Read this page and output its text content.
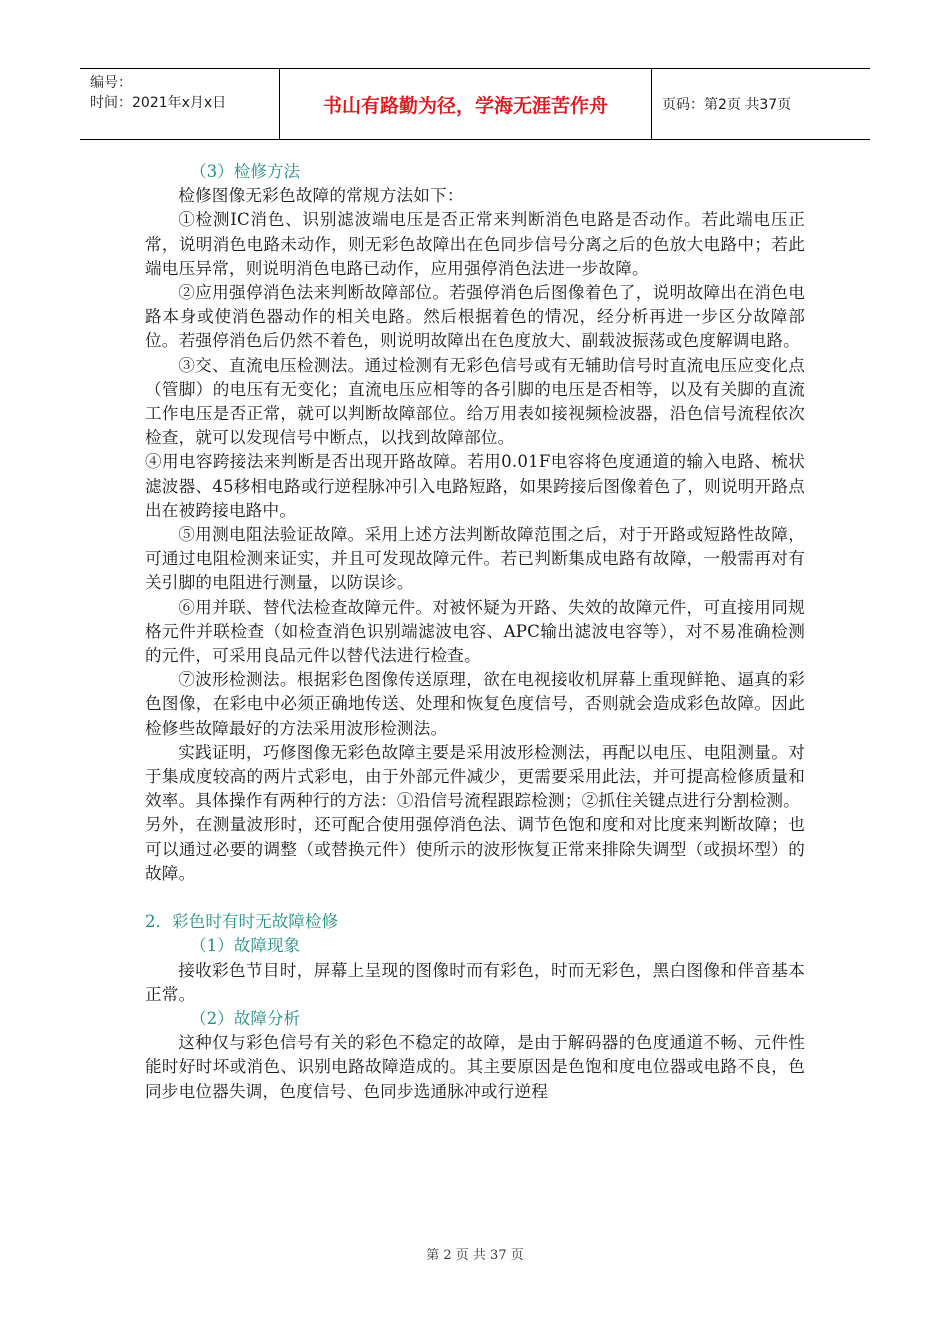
编号：
时间：2021年x月x日	书山有路勤为径，学海无涯苦作舟	页码：第2页 共37页

（3）检修方法

检修图像无彩色故障的常规方法如下：

①检测IC消色、识别滤波端电压是否正常来判断消色电路是否动作。若此端电压正常，说明消色电路未动作，则无彩色故障出在色同步信号分离之后的色放大电路中；若此端电压异常，则说明消色电路已动作，应用强停消色法进一步故障。

②应用强停消色法来判断故障部位。若强停消色后图像着色了，说明故障出在消色电路本身或使消色器动作的相关电路。然后根据着色的情况，经分析再进一步区分故障部位。若强停消色后仍然不着色，则说明故障出在色度放大、副载波振荡或色度解调电路。

③交、直流电压检测法。通过检测有无彩色信号或有无辅助信号时直流电压应变化点（管脚）的电压有无变化；直流电压应相等的各引脚的电压是否相等，以及有关脚的直流工作电压是否正常，就可以判断故障部位。给万用表如接视频检波器，沿色信号流程依次检查，就可以发现信号中断点，以找到故障部位。

④用电容跨接法来判断是否出现开路故障。若用0.01F电容将色度通道的输入电路、梳状滤波器、45移相电路或行逆程脉冲引入电路短路，如果跨接后图像着色了，则说明开路点出在被跨接电路中。

⑤用测电阻法验证故障。采用上述方法判断故障范围之后，对于开路或短路性故障，可通过电阻检测来证实，并且可发现故障元件。若已判断集成电路有故障，一般需再对有关引脚的电阻进行测量，以防误诊。

⑥用并联、替代法检查故障元件。对被怀疑为开路、失效的故障元件，可直接用同规格元件并联检查（如检查消色识别端滤波电容、APC输出滤波电容等），对不易准确检测的元件，可采用良品元件以替代法进行检查。

⑦波形检测法。根据彩色图像传送原理，欲在电视接收机屏幕上重现鲜艳、逼真的彩色图像，在彩电中必须正确地传送、处理和恢复色度信号，否则就会造成彩色故障。因此检修些故障最好的方法采用波形检测法。

实践证明，巧修图像无彩色故障主要是采用波形检测法，再配以电压、电阻测量。对于集成度较高的两片式彩电，由于外部元件减少，更需要采用此法，并可提高检修质量和效率。具体操作有两种行的方法：①沿信号流程跟踪检测；②抓住关键点进行分割检测。

另外，在测量波形时，还可配合使用强停消色法、调节色饱和度和对比度来判断故障；也可以通过必要的调整（或替换元件）使所示的波形恢复正常来排除失调型（或损坏型）的故障。

2．彩色时有时无故障检修

（1）故障现象

接收彩色节目时，屏幕上呈现的图像时而有彩色，时而无彩色，黑白图像和伴音基本正常。

（2）故障分析

这种仅与彩色信号有关的彩色不稳定的故障，是由于解码器的色度通道不畅、元件性能时好时坏或消色、识别电路故障造成的。其主要原因是色饱和度电位器或电路不良，色同步电位器失调，色度信号、色同步选通脉冲或行逆程

第 2 页 共 37 页
